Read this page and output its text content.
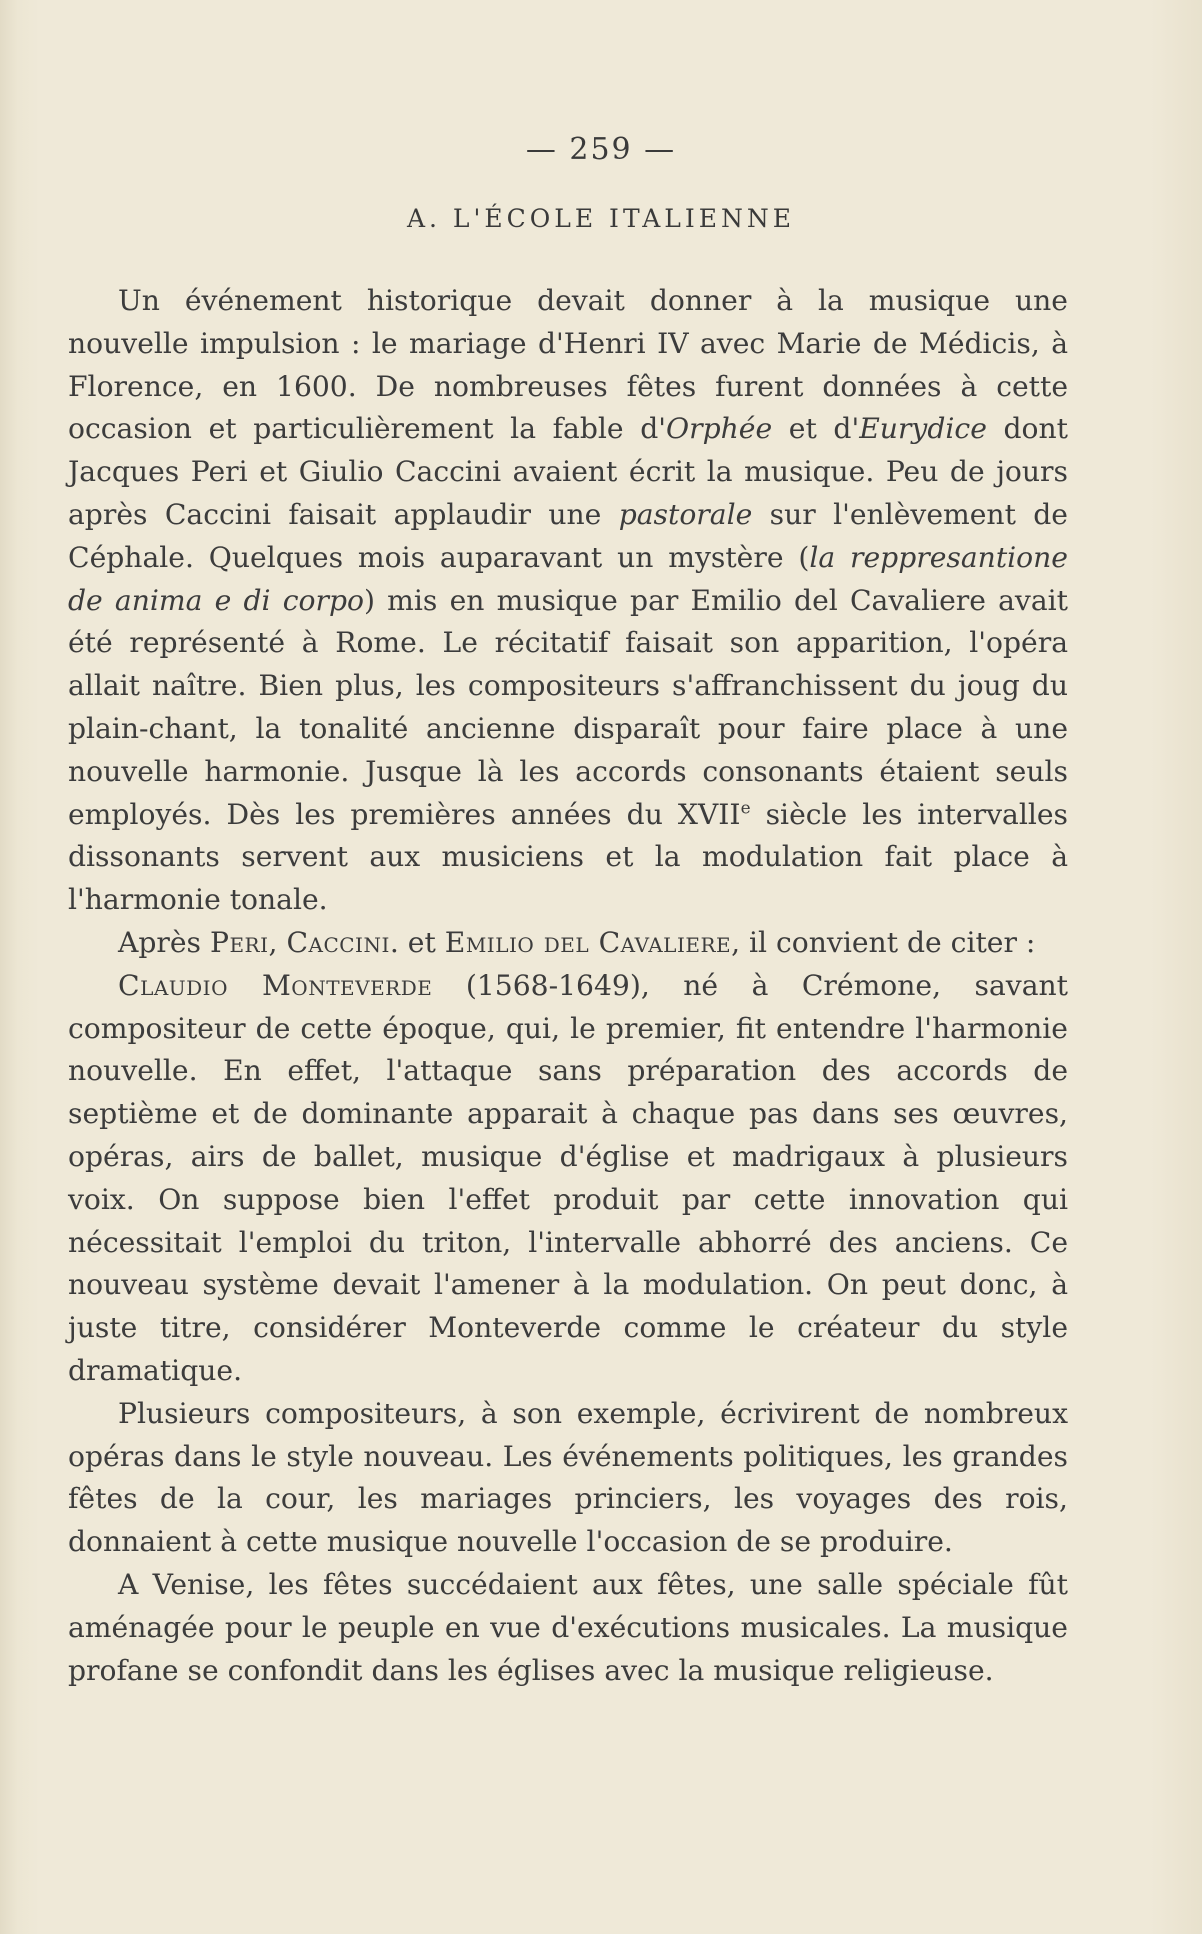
— 259 —
A. L'ÉCOLE ITALIENNE

Un événement historique devait donner à la musique une nouvelle impulsion : le mariage d'Henri IV avec Marie de Médicis, à Florence, en 1600. De nombreuses fêtes furent données à cette occasion et particulièrement la fable d'Orphée et d'Eurydice dont Jacques Peri et Giulio Caccini avaient écrit la musique. Peu de jours après Caccini faisait applaudir une pastorale sur l'enlèvement de Céphale. Quelques mois auparavant un mystère (la reppresantione de anima e di corpo) mis en musique par Emilio del Cavaliere avait été représenté à Rome. Le récitatif faisait son apparition, l'opéra allait naître. Bien plus, les compositeurs s'affranchissent du joug du plain-chant, la tonalité ancienne disparaît pour faire place à une nouvelle harmonie. Jusque là les accords consonants étaient seuls employés. Dès les premières années du XVIIe siècle les intervalles dissonants servent aux musiciens et la modulation fait place à l'harmonie tonale.

Après Peri, Caccini. et Emilio del Cavaliere, il convient de citer :

Claudio Monteverde (1568-1649), né à Crémone, savant compositeur de cette époque, qui, le premier, fit entendre l'harmonie nouvelle. En effet, l'attaque sans préparation des accords de septième et de dominante apparait à chaque pas dans ses œuvres, opéras, airs de ballet, musique d'église et madrigaux à plusieurs voix. On suppose bien l'effet produit par cette innovation qui nécessitait l'emploi du triton, l'intervalle abhorré des anciens. Ce nouveau système devait l'amener à la modulation. On peut donc, à juste titre, considérer Monteverde comme le créateur du style dramatique.

Plusieurs compositeurs, à son exemple, écrivirent de nombreux opéras dans le style nouveau. Les événements politiques, les grandes fêtes de la cour, les mariages princiers, les voyages des rois, donnaient à cette musique nouvelle l'occasion de se produire.

A Venise, les fêtes succédaient aux fêtes, une salle spéciale fût aménagée pour le peuple en vue d'exécutions musicales. La musique profane se confondit dans les églises avec la musique religieuse.
